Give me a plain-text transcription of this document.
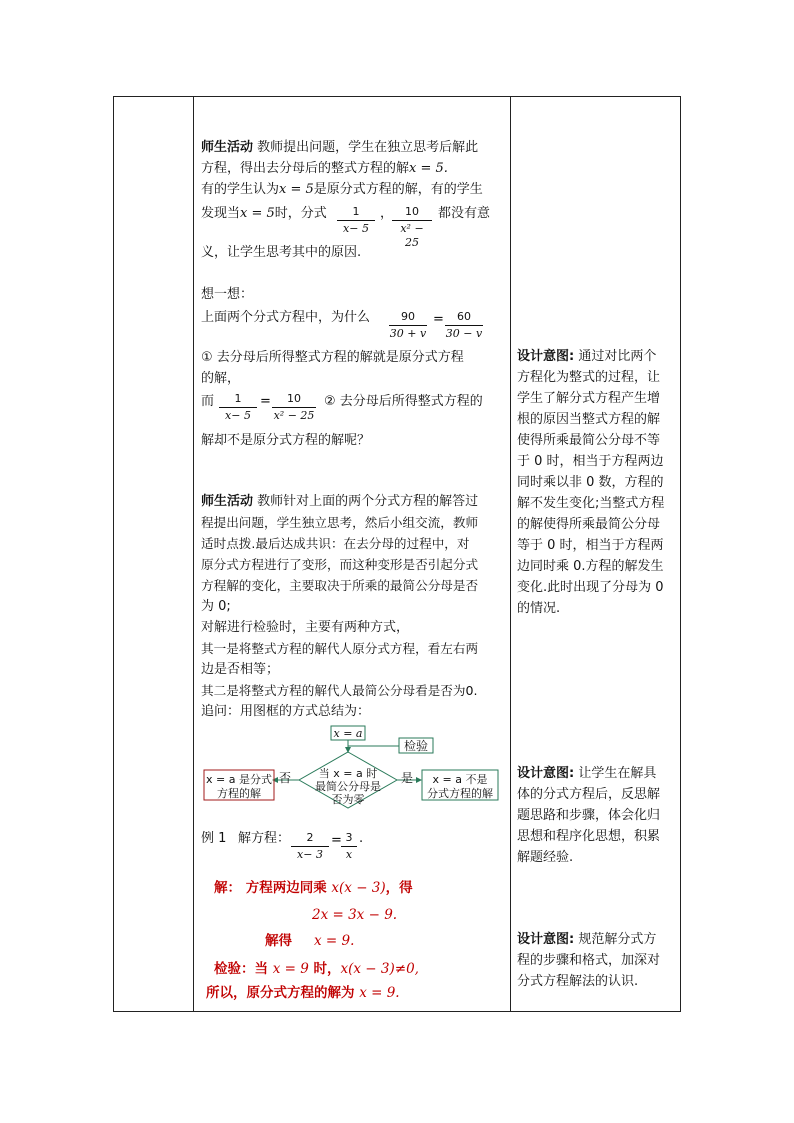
师生活动 教师提出问题，学生在独立思考后解此
方程，得出去分母后的整式方程的解x = 5.
有的学生认为x = 5是原分式方程的解，有的学生
发现当x = 5时，分式 $\frac{1}{x- 5}$ ，
$\frac{10}{\text{x² − 25}}$ 都没有意
义，让学生思考其中的原因.
想一想：
上面两个分式方程中，为什么 $\frac{90}{30 + v} = \frac{60}{30 - v}$
① 去分母后所得整式方程的解就是原分式方程
的解，
而 $\frac{1}{x- 5} = \frac{10}{\text{x² − 25}}$ ② 去分母后所得整式方程的
解却不是原分式方程的解呢？
师生活动 教师针对上面的两个分式方程的解答过
程提出问题，学生独立思考，然后小组交流，教师
适时点拨.最后达成共识：在去分母的过程中，对
原分式方程进行了变形，而这种变形是否引起分式
方程解的变化，主要取决于所乘的最简公分母是否
为 0;
对解进行检验时，主要有两种方式，
其一是将整式方程的解代人原分式方程，看左右两
边是否相等；
其二是将整式方程的解代人最简公分母看是否为0.
追问：用图框的方式总结为：
x = a
检验
当 x = a 时
最简公分母是
否为零
否	是
x = a 是分式
方程的解
x = a 不是
分式方程的解
例 1 解方程： $\frac{2}{x- 3} = \frac{3}{x}$ .
解： 方程两边同乘 x(x − 3)，得
2x = 3x − 9.
解得 x = 9.
检验：当 x = 9 时，x(x − 3)≠0,
所以，原分式方程的解为 x = 9.
设计意图: 通过对比两个
方程化为整式的过程，让
学生了解分式方程产生增
根的原因当整式方程的解
使得所乘最简公分母不等
于 0 时，相当于方程两边
同时乘以非 0 数，方程的
解不发生变化;当整式方程
的解使得所乘最简公分母
等于 0 时，相当于方程两
边同时乘 0.方程的解发生
变化.此时出现了分母为 0
的情况.
设计意图: 让学生在解具
体的分式方程后，反思解
题思路和步骤，体会化归
思想和程序化思想，积累
解题经验.
设计意图: 规范解分式方
程的步骤和格式，加深对
分式方程解法的认识.
